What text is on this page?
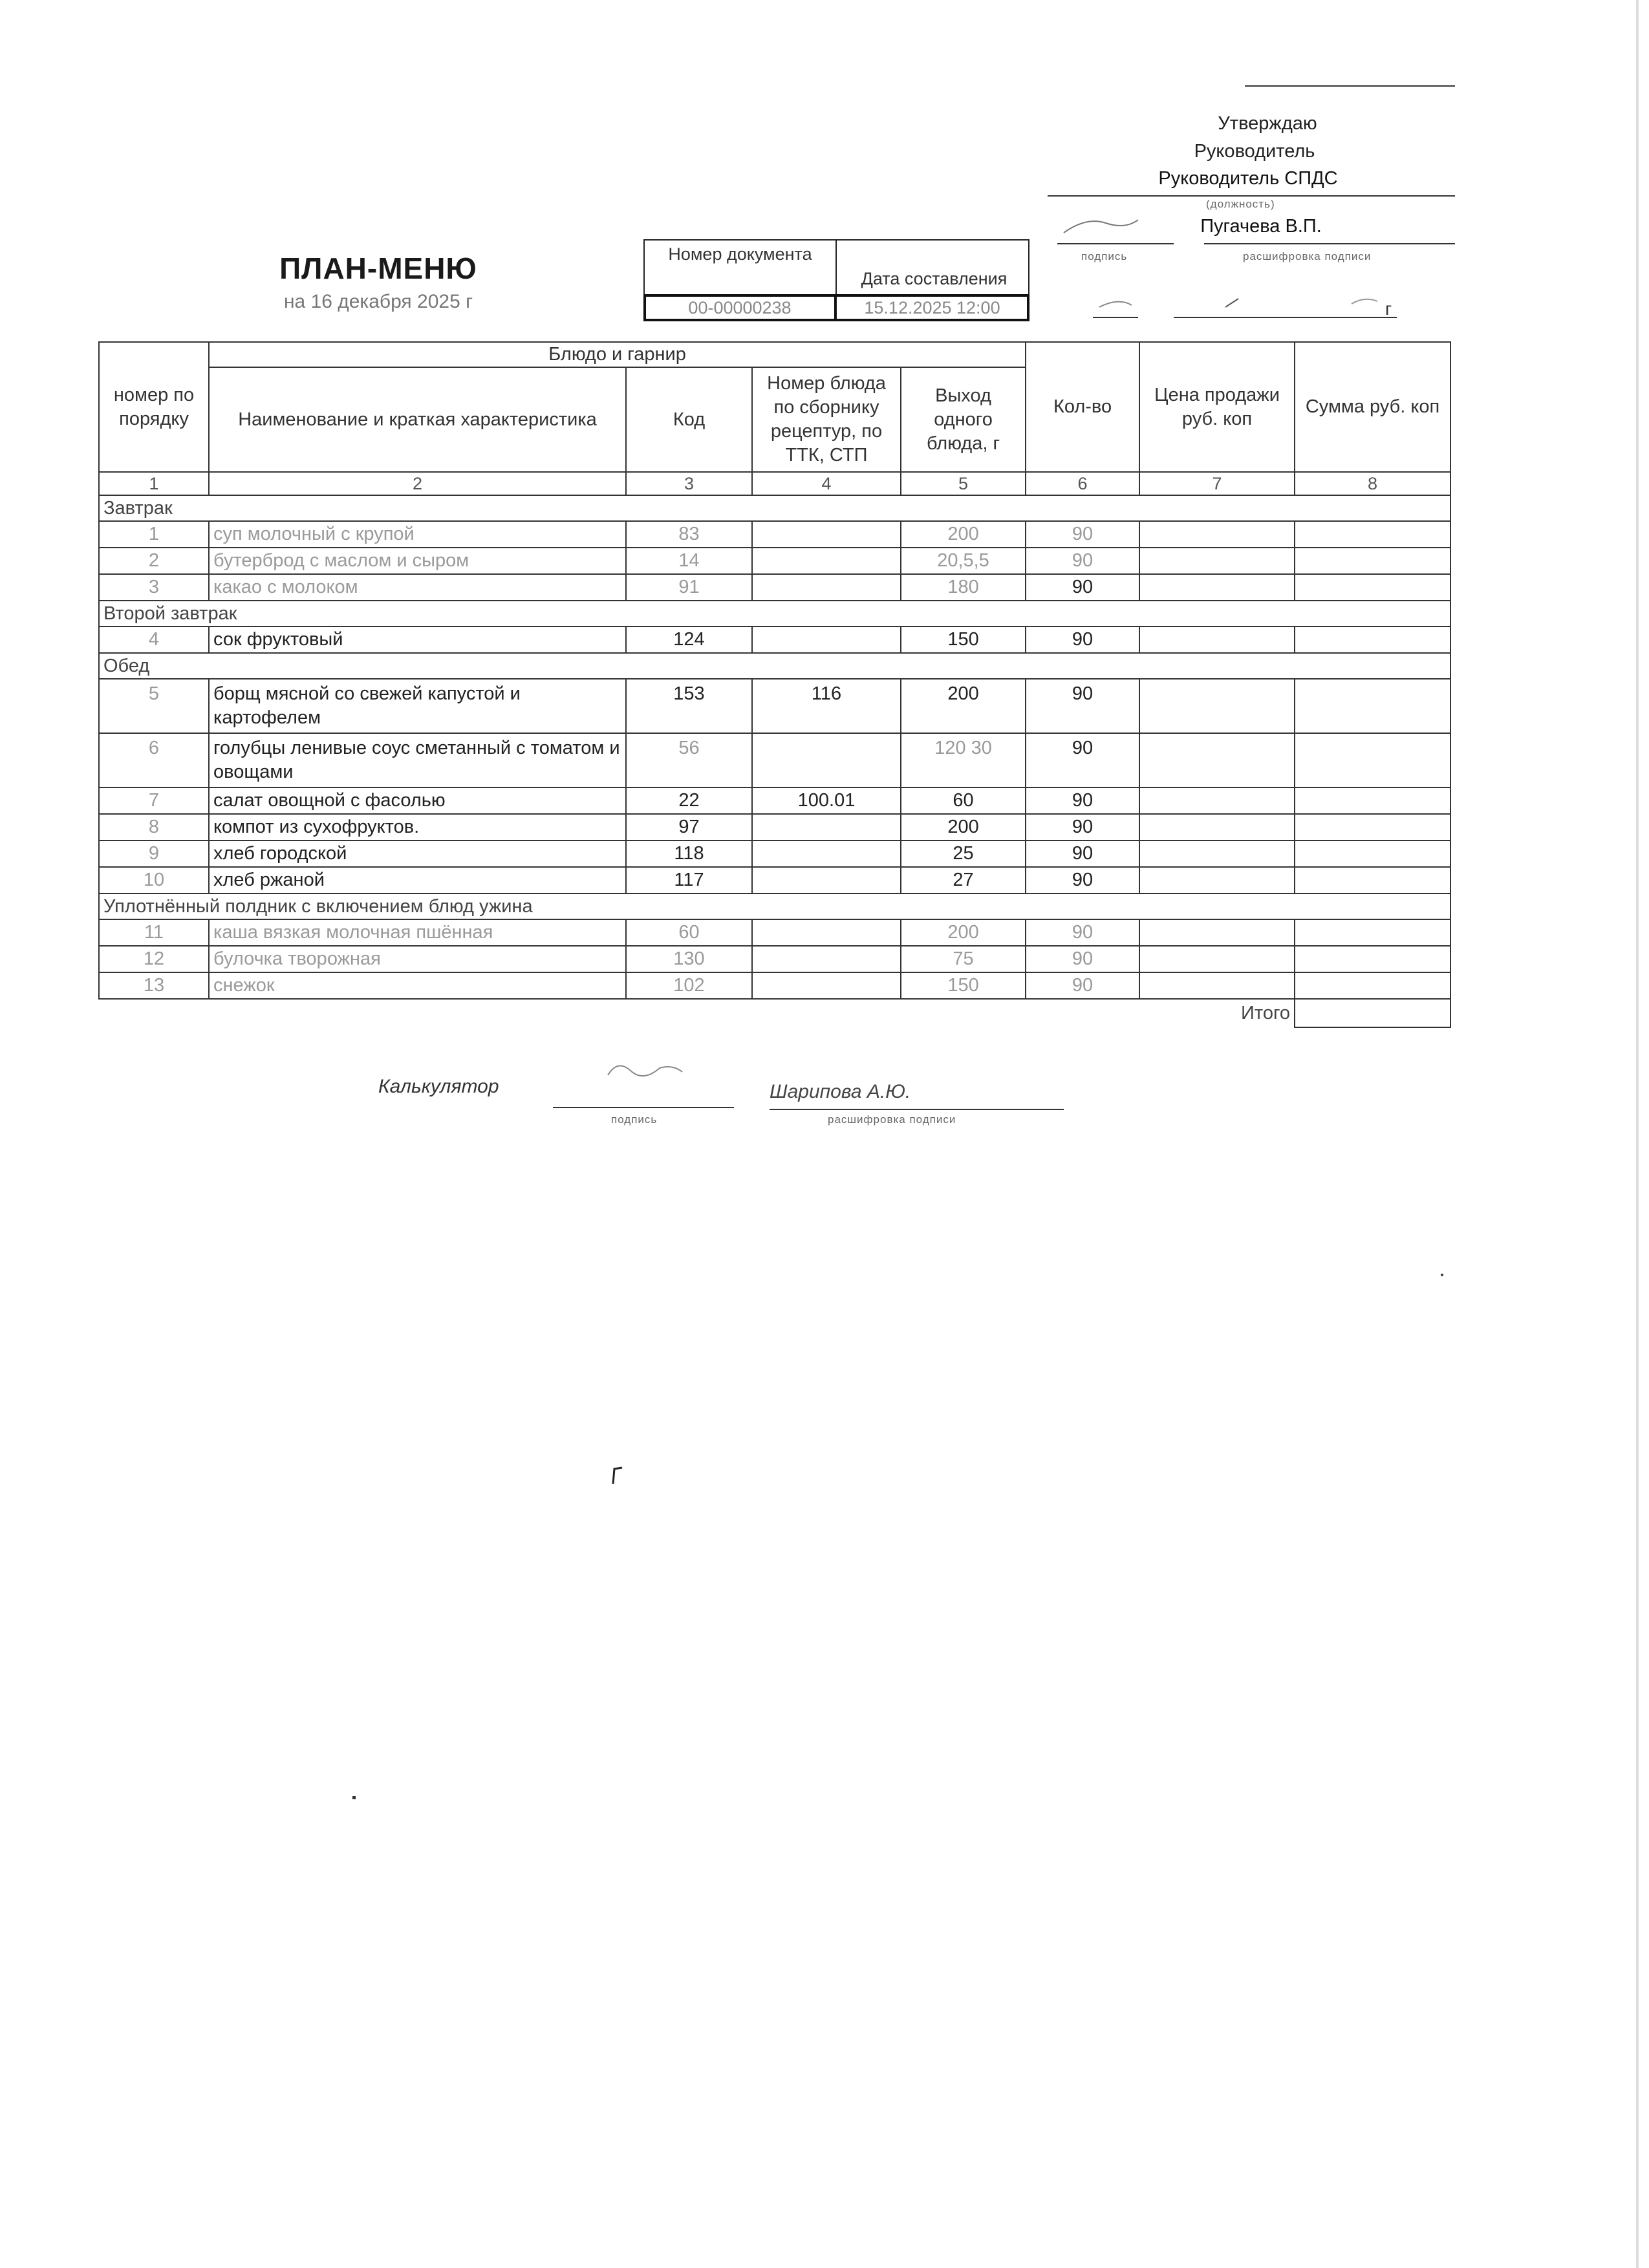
Утверждаю
Руководитель
Руководитель СПДС
(должность)
Пугачева В.П.
подпись	расшифровка подписи
г
ПЛАН-МЕНЮ
на 16 декабря 2025 г
Номер документа
Дата составления
00-00000238	15.12.2025 12:00
номер по порядку	Блюдо и гарнир				Кол-во	Цена продажи руб. коп	Сумма руб. коп
	Наименование и краткая характеристика	Код	Номер блюда по сборнику рецептур, по ТТК, СТП	Выход одного блюда, г			
1	2	3	4	5	6	7	8
Завтрак							
1	суп молочный с крупой	83		200	90		
2	бутерброд с маслом и сыром	14		20,5,5	90		
3	какао с молоком	91		180	90		
Второй завтрак							
4	сок фруктовый	124		150	90		
Обед							
5	борщ мясной со свежей капустой и картофелем	153	116	200	90		
6	голубцы ленивые соус сметанный с томатом и овощами	56		120 30	90		
7	салат овощной с фасолью	22	100.01	60	90		
8	компот из сухофруктов.	97		200	90		
9	хлеб городской	118		25	90		
10	хлеб ржаной	117		27	90		
Уплотнённый полдник с включением блюд ужина							
11	каша вязкая молочная пшённая	60		200	90		
12	булочка творожная	130		75	90		
13	снежок	102		150	90		
Итого							
Калькулятор	Шарипова А.Ю.
подпись	расшифровка подписи
